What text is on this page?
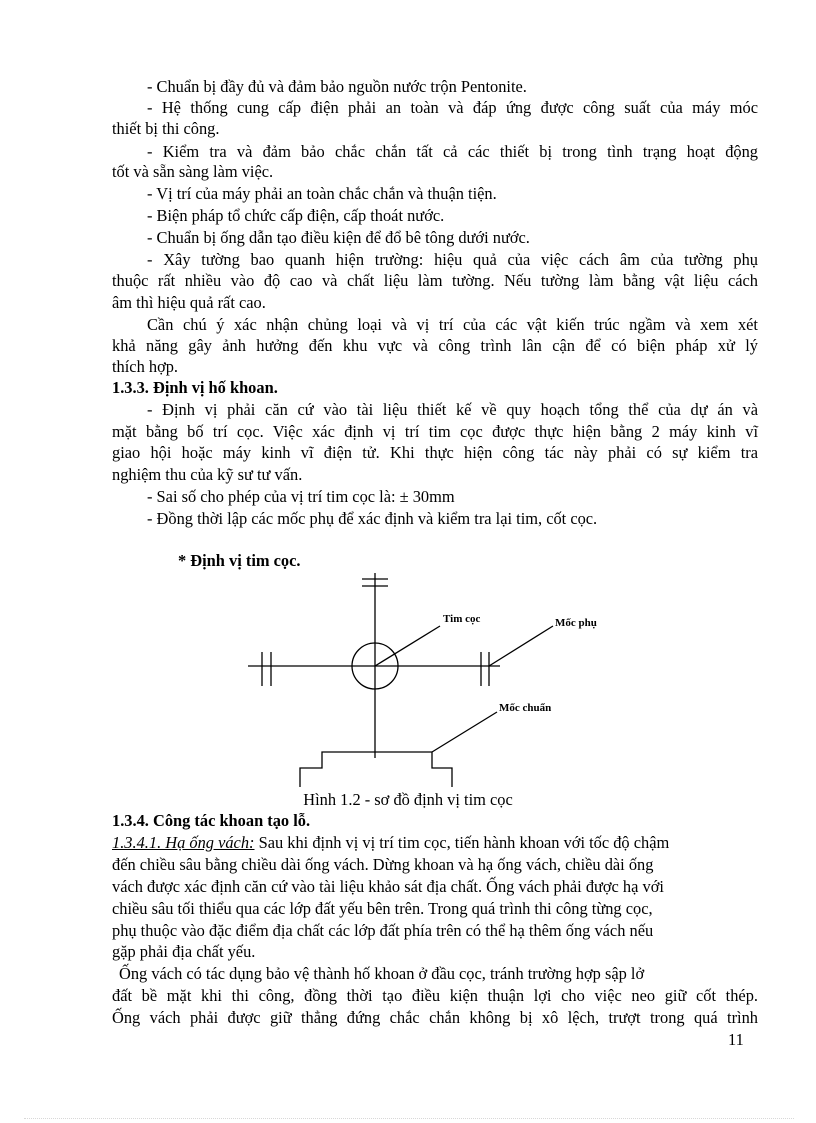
- Chuẩn bị đầy đủ và đảm bảo nguồn nước trộn Pentonite.
- Hệ thống cung cấp điện phải an toàn và đáp ứng được công suất của máy móc
thiết bị thi công.
- Kiểm tra và đảm bảo chắc chắn tất cả các thiết bị trong tình trạng hoạt động
tốt và sẵn sàng làm việc.
- Vị trí của máy phải an toàn chắc chắn và thuận tiện.
- Biện pháp tổ chức cấp điện, cấp thoát nước.
- Chuẩn bị ống dẫn tạo điều kiện để đổ bê tông dưới nước.
- Xây tường bao quanh hiện trường: hiệu quả của việc cách âm của tường phụ
thuộc rất nhiều vào độ cao và chất liệu làm tường. Nếu tường làm bằng vật liệu cách
âm thì hiệu quả rất cao.
Cần chú ý xác nhận chủng loại và vị trí của các vật kiến trúc ngầm và xem xét
khả năng gây ảnh hưởng đến khu vực và công trình lân cận để có biện pháp xử lý
thích hợp.
1.3.3. Định vị hố khoan.
- Định vị phải căn cứ vào tài liệu thiết kế về quy hoạch tổng thể của dự án và
mặt bằng bố trí cọc. Việc xác định vị trí tim cọc được thực hiện bằng 2 máy kinh vĩ
giao hội hoặc máy kinh vĩ điện tử. Khi thực hiện công tác này phải có sự kiểm tra
nghiệm thu của kỹ sư tư vấn.
- Sai số cho phép của vị trí tim cọc là: ± 30mm
- Đồng thời lập các mốc phụ để xác định và kiểm tra lại tim, cốt cọc.
* Định vị tim cọc.
Tim cọc	Mốc phụ
Mốc chuẩn
Hình 1.2 - sơ đồ định vị tim cọc
1.3.4. Công tác khoan tạo lỗ.
1.3.4.1. Hạ ống vách: Sau khi định vị vị trí tim cọc, tiến hành khoan với tốc độ chậm
đến chiều sâu bằng chiều dài ống vách. Dừng khoan và hạ ống vách, chiều dài ống
vách được xác định căn cứ vào tài liệu khảo sát địa chất. Ống vách phải được hạ với
chiều sâu tối thiểu qua các lớp đất yếu bên trên. Trong quá trình thi công từng cọc,
phụ thuộc vào đặc điểm địa chất các lớp đất phía trên có thể hạ thêm ống vách nếu
gặp phải địa chất yếu.
Ống vách có tác dụng bảo vệ thành hố khoan ở đầu cọc, tránh trường hợp sập lở
đất bề mặt khi thi công, đồng thời tạo điều kiện thuận lợi cho việc neo giữ cốt thép.
Ống vách phải được giữ thẳng đứng chắc chắn không bị xô lệch, trượt trong quá trình
11
